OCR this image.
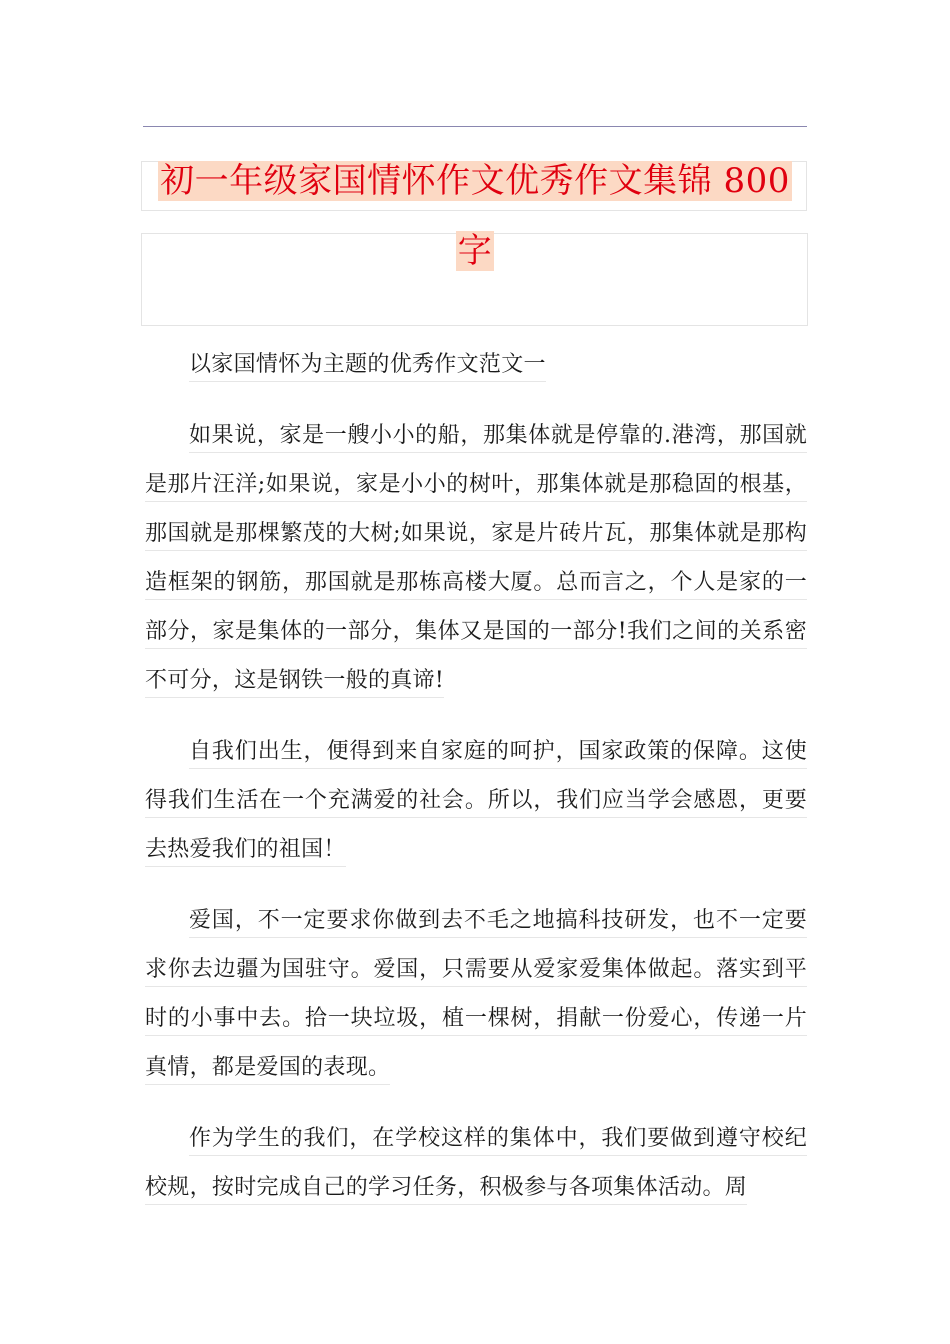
初一年级家国情怀作文优秀作文集锦 800
字

以家国情怀为主题的优秀作文范文一

如果说，家是一艘小小的船，那集体就是停靠的.港湾，那国就是那片汪洋;如果说，家是小小的树叶，那集体就是那稳固的根基，那国就是那棵繁茂的大树;如果说，家是片砖片瓦，那集体就是那构造框架的钢筋，那国就是那栋高楼大厦。总而言之，个人是家的一部分，家是集体的一部分，集体又是国的一部分!我们之间的关系密不可分，这是钢铁一般的真谛!

自我们出生，便得到来自家庭的呵护，国家政策的保障。这使得我们生活在一个充满爱的社会。所以，我们应当学会感恩，更要去热爱我们的祖国！

爱国，不一定要求你做到去不毛之地搞科技研发，也不一定要求你去边疆为国驻守。爱国，只需要从爱家爱集体做起。落实到平时的小事中去。拾一块垃圾，植一棵树，捐献一份爱心，传递一片真情，都是爱国的表现。

作为学生的我们，在学校这样的集体中，我们要做到遵守校纪校规，按时完成自己的学习任务，积极参与各项集体活动。周
